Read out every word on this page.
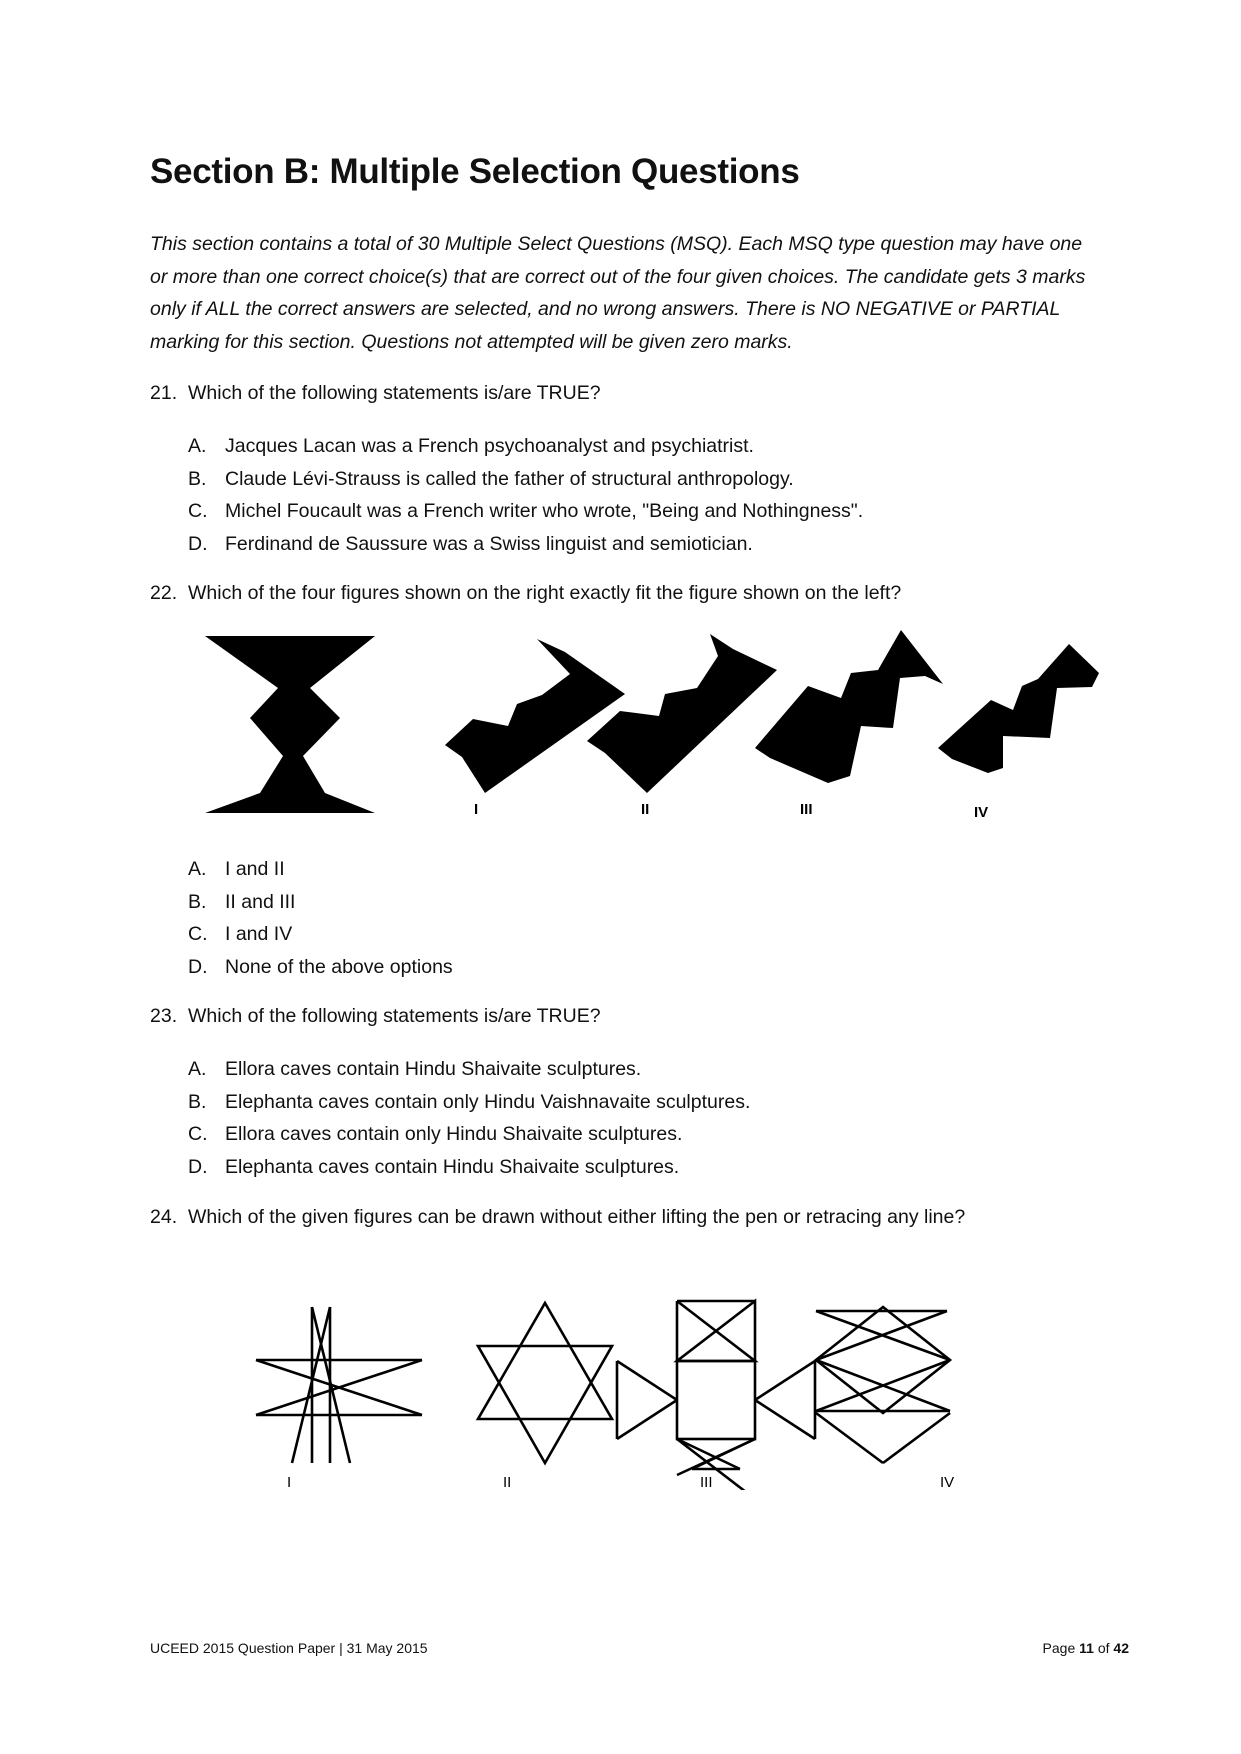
Section B: Multiple Selection Questions

This section contains a total of 30 Multiple Select Questions (MSQ). Each MSQ type question may have one or more than one correct choice(s) that are correct out of the four given choices. The candidate gets 3 marks only if ALL the correct answers are selected, and no wrong answers. There is NO NEGATIVE or PARTIAL marking for this section. Questions not attempted will be given zero marks.

21. Which of the following statements is/are TRUE?
A. Jacques Lacan was a French psychoanalyst and psychiatrist.
B. Claude Lévi-Strauss is called the father of structural anthropology.
C. Michel Foucault was a French writer who wrote, "Being and Nothingness".
D. Ferdinand de Saussure was a Swiss linguist and semiotician.
22. Which of the four figures shown on the right exactly fit the figure shown on the left?
I	II	III	IV
A. I and II
B. II and III
C. I and IV
D. None of the above options
23. Which of the following statements is/are TRUE?
A. Ellora caves contain Hindu Shaivaite sculptures.
B. Elephanta caves contain only Hindu Vaishnavaite sculptures.
C. Ellora caves contain only Hindu Shaivaite sculptures.
D. Elephanta caves contain Hindu Shaivaite sculptures.
24. Which of the given figures can be drawn without either lifting the pen or retracing any line?
I	II	III	IV
UCEED 2015 Question Paper | 31 May 2015	Page 11 of 42
